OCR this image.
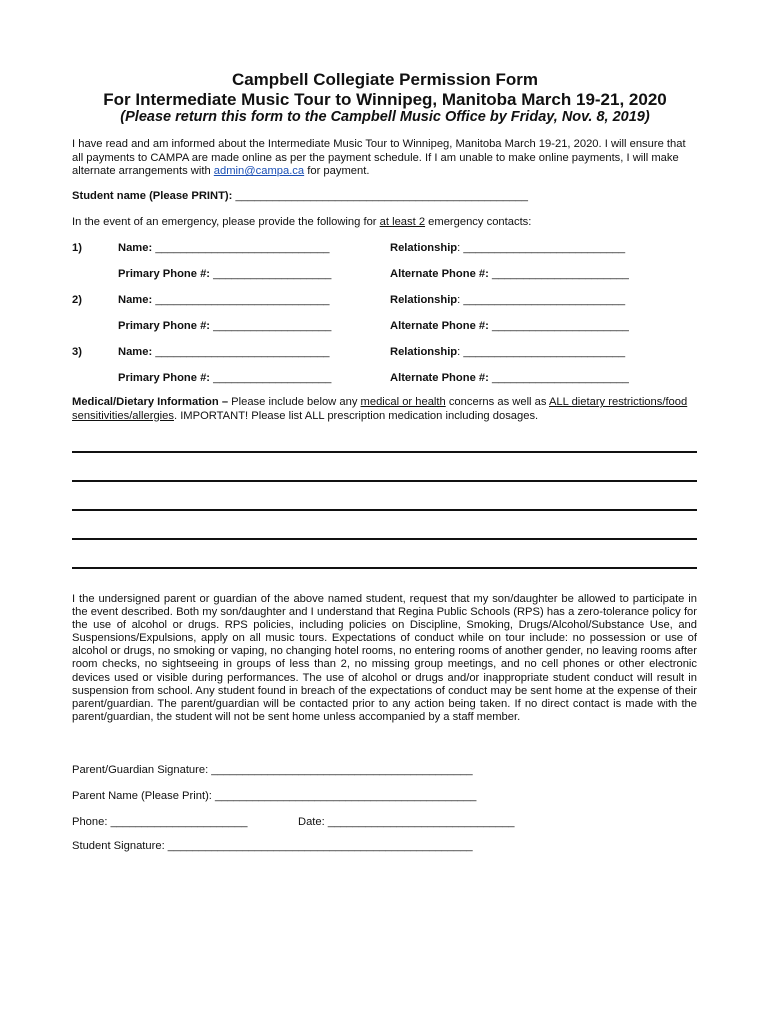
Campbell Collegiate Permission Form
For Intermediate Music Tour to Winnipeg, Manitoba March 19-21, 2020
(Please return this form to the Campbell Music Office by Friday, Nov. 8, 2019)
I have read and am informed about the Intermediate Music Tour to Winnipeg, Manitoba March 19-21, 2020. I will ensure that all payments to CAMPA are made online as per the payment schedule. If I am unable to make online payments, I will make alternate arrangements with admin@campa.ca for payment.
Student name (Please PRINT): _______________________________________________
In the event of an emergency, please provide the following for at least 2 emergency contacts:
1)	Name: ____________________________	Relationship: __________________________
Primary Phone #: ___________________	Alternate Phone #: ______________________
2)	Name: ____________________________	Relationship: __________________________
Primary Phone #: ___________________	Alternate Phone #: ______________________
3)	Name: ____________________________	Relationship: __________________________
Primary Phone #: ___________________	Alternate Phone #: ______________________
Medical/Dietary Information – Please include below any medical or health concerns as well as ALL dietary restrictions/food sensitivities/allergies. IMPORTANT! Please list ALL prescription medication including dosages.

I the undersigned parent or guardian of the above named student, request that my son/daughter be allowed to participate in the event described. Both my son/daughter and I understand that Regina Public Schools (RPS) has a zero-tolerance policy for the use of alcohol or drugs. RPS policies, including policies on Discipline, Smoking, Drugs/Alcohol/Substance Use, and Suspensions/Expulsions, apply on all music tours. Expectations of conduct while on tour include: no possession or use of alcohol or drugs, no smoking or vaping, no changing hotel rooms, no entering rooms of another gender, no leaving rooms after room checks, no sightseeing in groups of less than 2, no missing group meetings, and no cell phones or other electronic devices used or visible during performances. The use of alcohol or drugs and/or inappropriate student conduct will result in suspension from school. Any student found in breach of the expectations of conduct may be sent home at the expense of their parent/guardian. The parent/guardian will be contacted prior to any action being taken. If no direct contact is made with the parent/guardian, the student will not be sent home unless accompanied by a staff member.

Parent/Guardian Signature: __________________________________________
Parent Name (Please Print): __________________________________________
Phone: ______________________	Date: ______________________________
Student Signature: _________________________________________________
